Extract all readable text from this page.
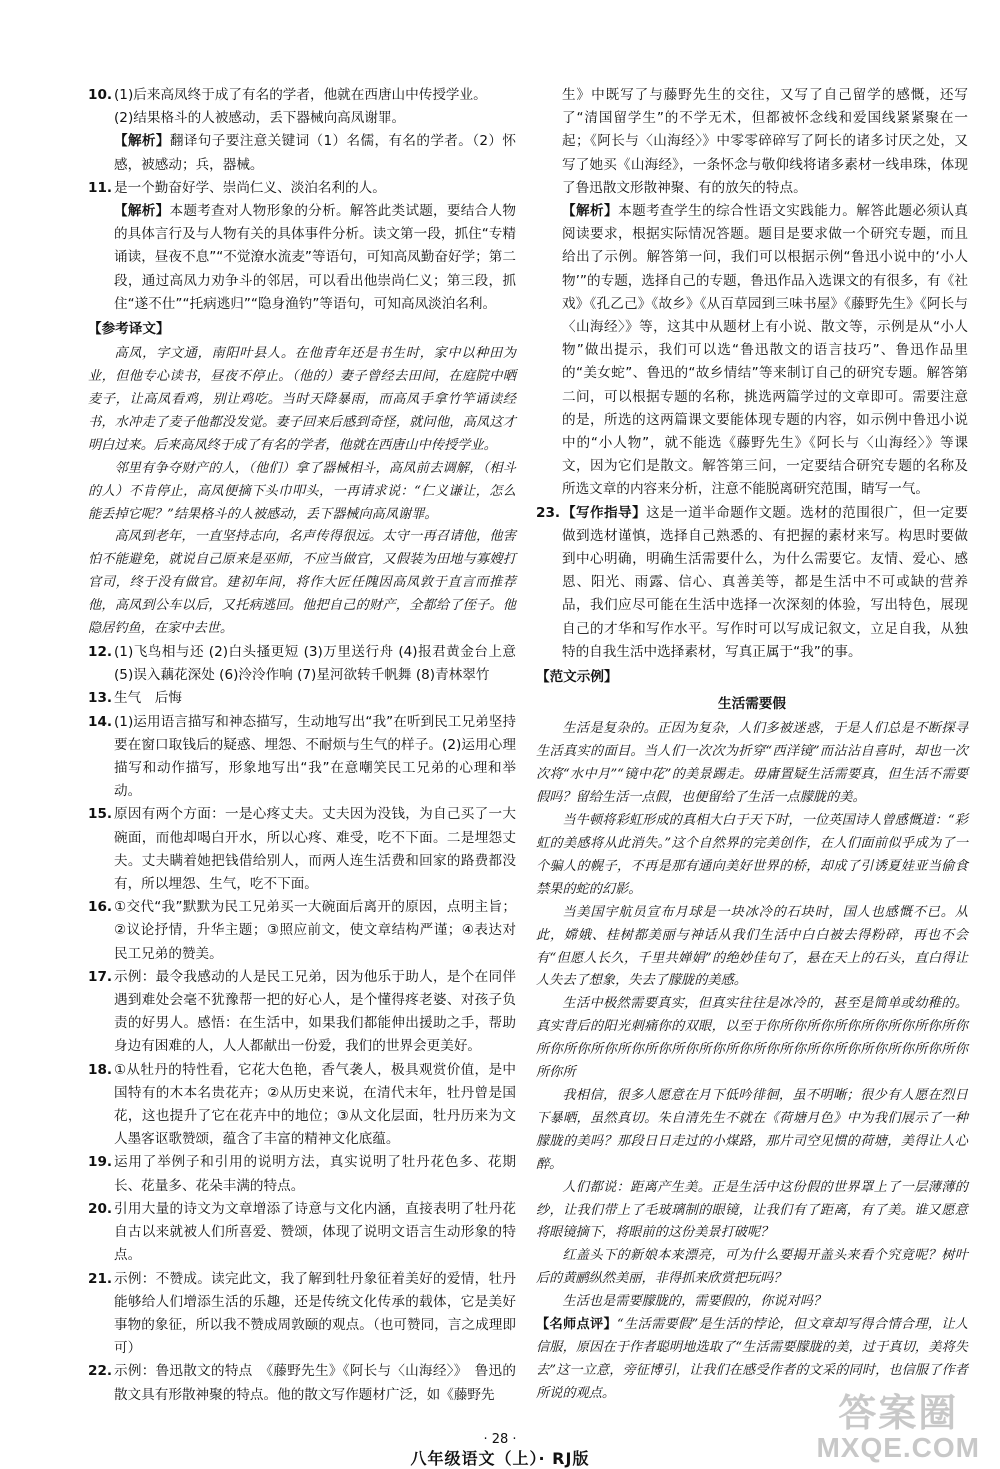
10. (1)后来高凤终于成了有名的学者，他就在西唐山中传授学业。

(2)结果格斗的人被感动，丢下器械向高凤谢罪。

【解析】翻译句子要注意关键词（1）名儒，有名的学者。（2）怀感，被感动；兵，器械。

11. 是一个勤奋好学、崇尚仁义、淡泊名利的人。

【解析】本题考查对人物形象的分析。解答此类试题，要结合人物的具体言行及与人物有关的具体事件分析。读文第一段，抓住“专精诵读，昼夜不息”“不觉潦水流麦”等语句，可知高凤勤奋好学；第二段，通过高凤力劝争斗的邻居，可以看出他崇尚仁义；第三段，抓住“遂不仕”“托病逃归”“隐身渔钓”等语句，可知高凤淡泊名利。

【参考译文】

高凤，字文通，南阳叶县人。在他青年还是书生时，家中以种田为业，但他专心读书，昼夜不停止。（他的）妻子曾经去田间，在庭院中晒麦子，让高凤看鸡，别让鸡吃。当时天降暴雨，而高凤手拿竹竿诵读经书，水冲走了麦子他都没发觉。妻子回来后感到奇怪，就问他，高凤这才明白过来。后来高凤终于成了有名的学者，他就在西唐山中传授学业。

邻里有争夺财产的人，（他们）拿了器械相斗，高凤前去调解，（相斗的人）不肯停止，高凤便摘下头巾叩头，一再请求说：“仁义谦让，怎么能丢掉它呢？”结果格斗的人被感动，丢下器械向高凤谢罪。

高凤到老年，一直坚持志向，名声传得很远。太守一再召请他，他害怕不能避免，就说自己原来是巫师，不应当做官，又假装为田地与寡嫂打官司，终于没有做官。建初年间，将作大匠任隗因高凤敦于直言而推荐他，高凤到公车以后，又托病逃回。他把自己的财产，全都给了侄子。他隐居钓鱼，在家中去世。

12. (1)飞鸟相与还 (2)白头搔更短 (3)万里送行舟 (4)报君黄金台上意 (5)误入藕花深处 (6)泠泠作响 (7)星河欲转千帆舞 (8)青林翠竹

13. 生气　后悔

14. (1)运用语言描写和神态描写，生动地写出“我”在听到民工兄弟坚持要在窗口取钱后的疑惑、埋怨、不耐烦与生气的样子。(2)运用心理描写和动作描写，形象地写出“我”在意嘲笑民工兄弟的心理和举动。

15. 原因有两个方面：一是心疼丈夫。丈夫因为没钱，为自己买了一大碗面，而他却喝白开水，所以心疼、难受，吃不下面。二是埋怨丈夫。丈夫瞒着她把钱借给别人，而两人连生活费和回家的路费都没有，所以埋怨、生气，吃不下面。

16. ①交代“我”默默为民工兄弟买一大碗面后离开的原因，点明主旨；②议论抒情，升华主题；③照应前文，使文章结构严谨；④表达对民工兄弟的赞美。

17. 示例：最令我感动的人是民工兄弟，因为他乐于助人，是个在同伴遇到难处会毫不犹豫帮一把的好心人，是个懂得疼老婆、对孩子负责的好男人。感悟：在生活中，如果我们都能伸出援助之手，帮助身边有困难的人，人人都献出一份爱，我们的世界会更美好。

18. ①从牡丹的特性看，它花大色艳，香气袭人，极具观赏价值，是中国特有的木本名贵花卉；②从历史来说，在清代末年，牡丹曾是国花，这也提升了它在花卉中的地位；③从文化层面，牡丹历来为文人墨客讴歌赞颂，蕴含了丰富的精神文化底蕴。

19. 运用了举例子和引用的说明方法，真实说明了牡丹花色多、花期长、花量多、花朵丰满的特点。

20. 引用大量的诗文为文章增添了诗意与文化内涵，直接表明了牡丹花自古以来就被人们所喜爱、赞颂，体现了说明文语言生动形象的特点。

21. 示例：不赞成。读完此文，我了解到牡丹象征着美好的爱情，牡丹能够给人们增添生活的乐趣，还是传统文化传承的载体，它是美好事物的象征，所以我不赞成周敦颐的观点。（也可赞同，言之成理即可）

22. 示例：鲁迅散文的特点　《藤野先生》《阿长与〈山海经〉》　鲁迅的散文具有形散神聚的特点。他的散文写作题材广泛，如《藤野先

生》中既写了与藤野先生的交往，又写了自己留学的感慨，还写了“清国留学生”的不学无术，但都被怀念线和爱国线紧紧聚在一起；《阿长与〈山海经〉》中零零碎碎写了阿长的诸多讨厌之处，又写了她买《山海经》，一条怀念与敬仰线将诸多素材一线串珠，体现了鲁迅散文形散神聚、有的放矢的特点。

【解析】本题考查学生的综合性语文实践能力。解答此题必须认真阅读要求，根据实际情况答题。题目是要求做一个研究专题，而且给出了示例。解答第一问，我们可以根据示例“鲁迅小说中的‘小人物’”的专题，选择自己的专题，鲁迅作品入选课文的有很多，有《社戏》《孔乙己》《故乡》《从百草园到三味书屋》《藤野先生》《阿长与〈山海经〉》等，这其中从题材上有小说、散文等，示例是从“小人物”做出提示，我们可以选“鲁迅散文的语言技巧”、鲁迅作品里的“美女蛇”、鲁迅的“故乡情结”等来制订自己的研究专题。解答第二问，可以根据专题的名称，挑选两篇学过的文章即可。需要注意的是，所选的这两篇课文要能体现专题的内容，如示例中鲁迅小说中的“小人物”，就不能选《藤野先生》《阿长与〈山海经〉》等课文，因为它们是散文。解答第三问，一定要结合研究专题的名称及所选文章的内容来分析，注意不能脱离研究范围，睛写一气。

23. 【写作指导】这是一道半命题作文题。选材的范围很广，但一定要做到选材谨慎，选择自己熟悉的、有把握的素材来写。构思时要做到中心明确，明确生活需要什么，为什么需要它。友情、爱心、感恩、阳光、雨露、信心、真善美等，都是生活中不可或缺的营养品，我们应尽可能在生活中选择一次深刻的体验，写出特色，展现自己的才华和写作水平。写作时可以写成记叙文，立足自我，从独特的自我生活中选择素材，写真正属于“我”的事。

【范文示例】
生活需要假

生活是复杂的。正因为复杂，人们多被迷惑，于是人们总是不断探寻生活真实的面目。当人们一次次为折穿“西洋镜”而沾沾自喜时，却也一次次将“水中月”“镜中花”的美景踢走。毋庸置疑生活需要真，但生活不需要假吗？留给生活一点假，也便留给了生活一点朦胧的美。

当牛顿将彩虹形成的真相大白于天下时，一位英国诗人曾感慨道：“彩虹的美感将从此消失。”这个自然界的完美创作，在人们面前似乎成为了一个骗人的幌子，不再是那有通向美好世界的桥，却成了引诱夏娃亚当偷食禁果的蛇的幻影。

当美国宇航员宣布月球是一块冰冷的石块时，国人也感慨不已。从此，嫦娥、桂树都美丽与神话从我们生活中白白被去得粉碎，再也不会有“但愿人长久，千里共婵娟”的绝妙佳句了，悬在天上的石头，直白得让人失去了想象，失去了朦胧的美感。

生活中极然需要真实，但真实往往是冰冷的，甚至是简单或幼稚的。真实背后的阳光刺痛你的双眼，以至于你所你所你所你所你所你所你所你所你所你所你所你所你所你所你所你所你所你所你所你所你所你所你所你所你所

我相信，很多人愿意在月下低吟徘徊，虽不明晰；很少有人愿在烈日下暴晒，虽然真切。朱自清先生不就在《荷塘月色》中为我们展示了一种朦胧的美吗？那段日日走过的小煤路，那片司空见惯的荷塘，美得让人心醉。

人们都说：距离产生美。正是生活中这份假的世界罩上了一层薄薄的纱，让我们带上了毛玻璃制的眼镜，让我们有了距离，有了美。谁又愿意将眼镜摘下，将眼前的这份美景打破呢？

红盖头下的新娘本来漂亮，可为什么要揭开盖头来看个究竟呢？树叶后的黄鹂纵然美丽，非得抓来欣赏把玩吗？

生活也是需要朦胧的，需要假的，你说对吗？

【名师点评】“生活需要假”是生活的悖论，但文章却写得合情合理，让人信服，原因在于作者聪明地选取了“生活需要朦胧的美，过于真切，美将失去”这一立意，旁征博引，让我们在感受作者的文采的同时，也信服了作者所说的观点。

· 28 ·
八年级语文（上）· RJ版
答案圈
MXQE.COM
